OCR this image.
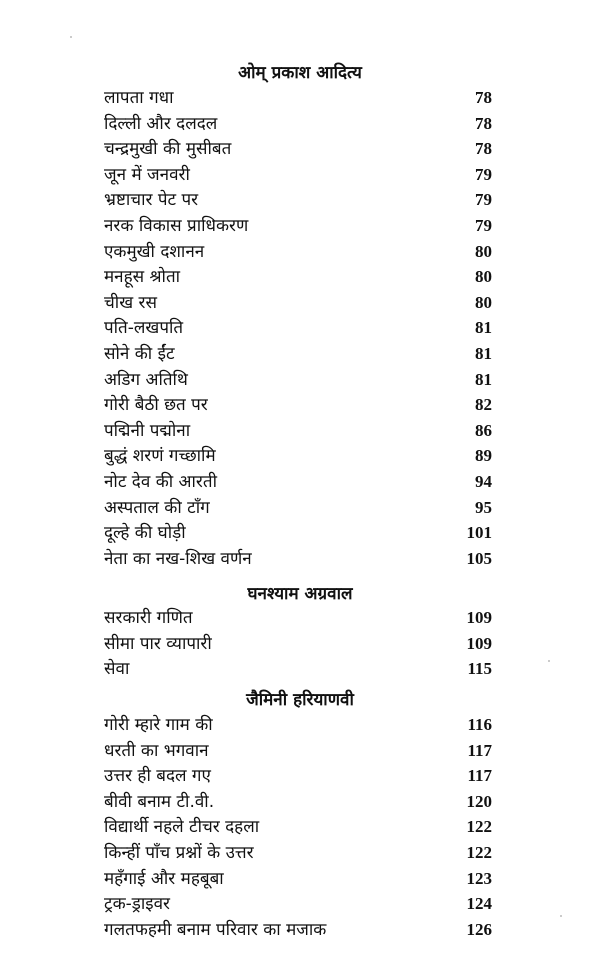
ओम् प्रकाश आदित्य
लापता गधा	78
दिल्ली और दलदल	78
चन्द्रमुखी की मुसीबत	78
जून में जनवरी	79
भ्रष्टाचार पेट पर	79
नरक विकास प्राधिकरण	79
एकमुखी दशानन	80
मनहूस श्रोता	80
चीख रस	80
पति-लखपति	81
सोने की ईंट	81
अडिग अतिथि	81
गोरी बैठी छत पर	82
पद्मिनी पद्मोना	86
बुद्धं शरणं गच्छामि	89
नोट देव की आरती	94
अस्पताल की टाँग	95
दूल्हे की घोड़ी	101
नेता का नख-शिख वर्णन	105
घनश्याम अग्रवाल
सरकारी गणित	109
सीमा पार व्यापारी	109
सेवा	115
जैमिनी हरियाणवी
गोरी म्हारे गाम की	116
धरती का भगवान	117
उत्तर ही बदल गए	117
बीवी बनाम टी.वी.	120
विद्यार्थी नहले टीचर दहला	122
किन्हीं पाँच प्रश्नों के उत्तर	122
महँगाई और महबूबा	123
ट्रक-ड्राइवर	124
गलतफहमी बनाम परिवार का मजाक	126
